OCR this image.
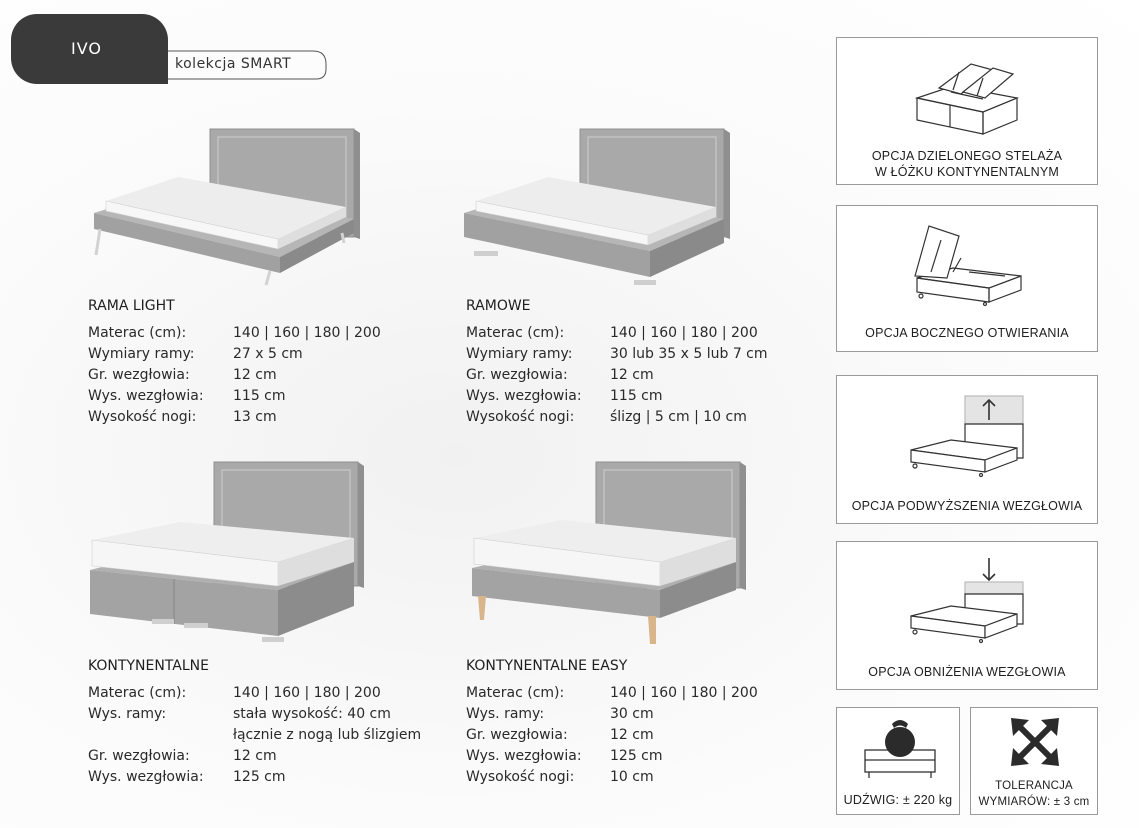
IVO
kolekcja SMART
RAMA LIGHT
Materac (cm):	140 | 160 | 180 | 200
Wymiary ramy:	27 x 5 cm
Gr. wezgłowia:	12 cm
Wys. wezgłowia:	115 cm
Wysokość nogi:	13 cm
RAMOWE
Materac (cm):	140 | 160 | 180 | 200
Wymiary ramy:	30 lub 35 x 5 lub 7 cm
Gr. wezgłowia:	12 cm
Wys. wezgłowia:	115 cm
Wysokość nogi:	ślizg | 5 cm | 10 cm
KONTYNENTALNE
Materac (cm):	140 | 160 | 180 | 200
Wys. ramy:	stała wysokość: 40 cm
łącznie z nogą lub ślizgiem
Gr. wezgłowia:	12 cm
Wys. wezgłowia:	125 cm
KONTYNENTALNE EASY
Materac (cm):	140 | 160 | 180 | 200
Wys. ramy:	30 cm
Gr. wezgłowia:	12 cm
Wys. wezgłowia:	125 cm
Wysokość nogi:	10 cm
OPCJA DZIELONEGO STELAŻA
W ŁÓŻKU KONTYNENTALNYM
OPCJA BOCZNEGO OTWIERANIA
OPCJA PODWYŻSZENIA WEZGŁOWIA
OPCJA OBNIŻENIA WEZGŁOWIA
UDŹWIG: ± 220 kg
TOLERANCJA
WYMIARÓW: ± 3 cm
